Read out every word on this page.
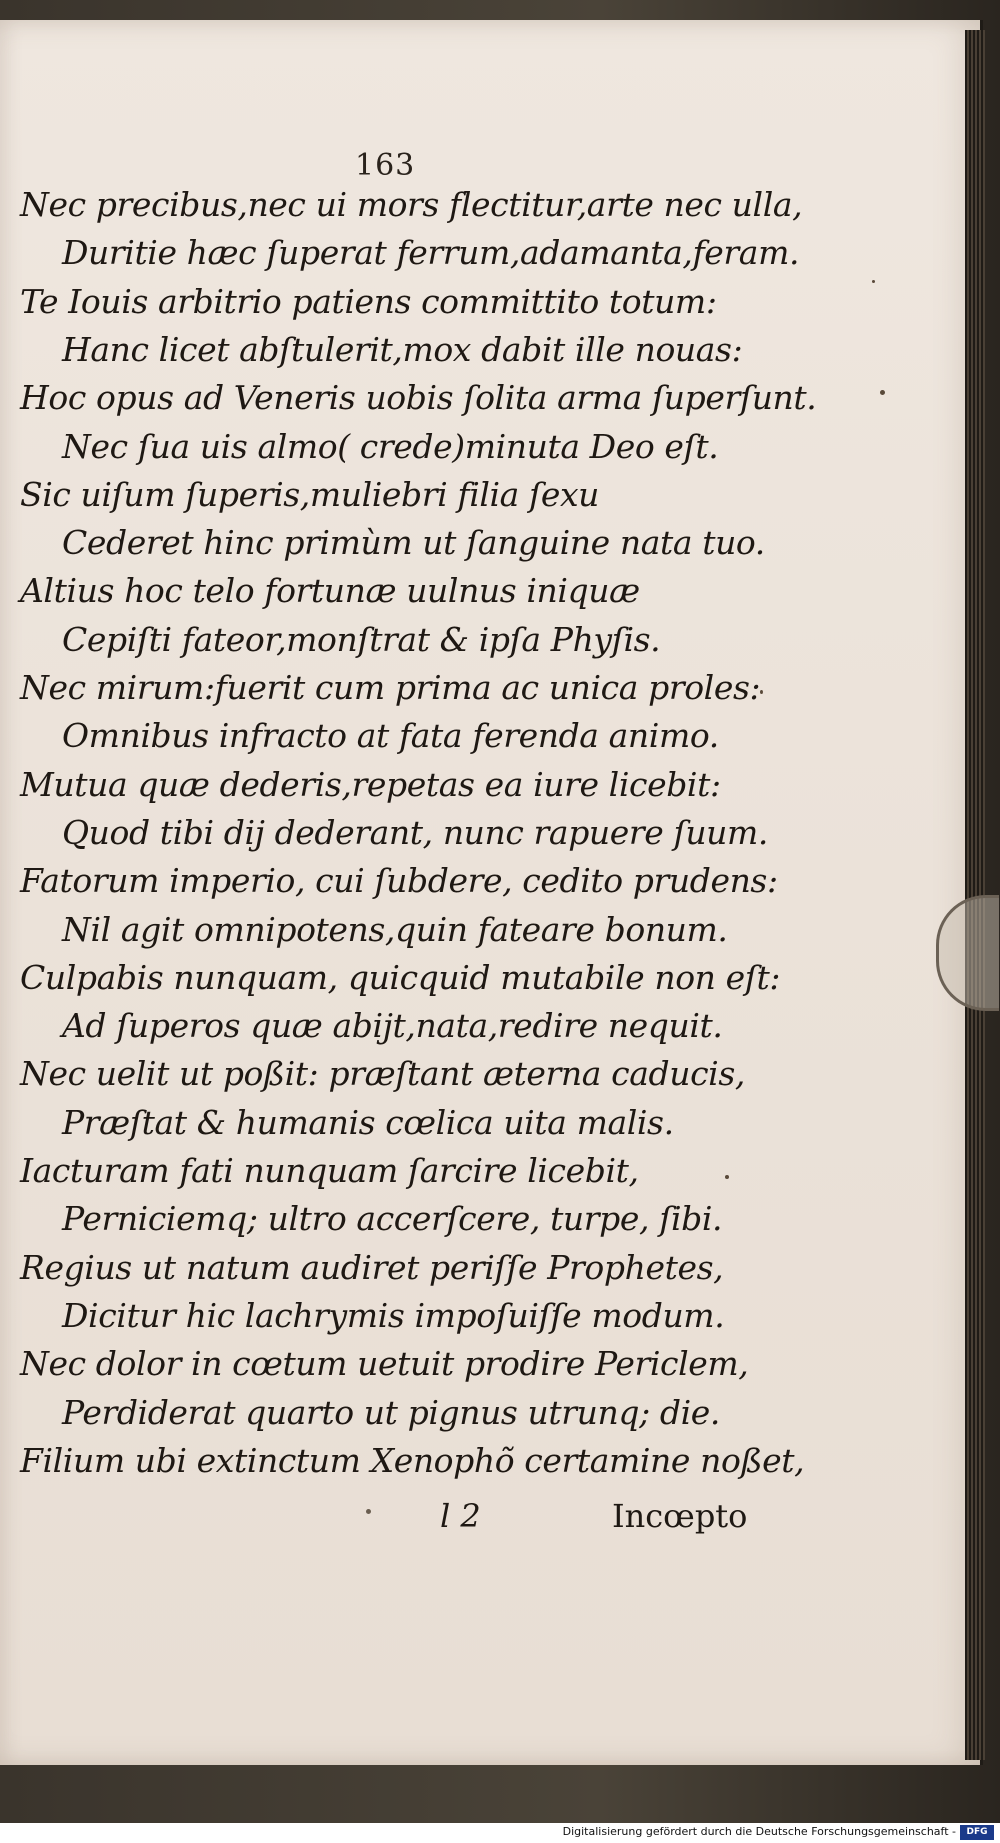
163
Nec precibus,nec ui mors flectitur,arte nec ulla,
Duritie hæc ſuperat ferrum,adamanta,feram.
Te Iouis arbitrio patiens committito totum:
Hanc licet abſtulerit,mox dabit ille nouas:
Hoc opus ad Veneris uobis ſolita arma ſuperſunt.
Nec ſua uis almo( crede)minuta Deo eſt.
Sic uiſum ſuperis,muliebri filia ſexu
Cederet hinc primùm ut ſanguine nata tuo.
Altius hoc telo fortunæ uulnus iniquæ
Cepiſti fateor,monſtrat & ipſa Phyſis.
Nec mirum:fuerit cum prima ac unica proles:
Omnibus infracto at fata ferenda animo.
Mutua quæ dederis,repetas ea iure licebit:
Quod tibi dij dederant, nunc rapuere ſuum.
Fatorum imperio, cui ſubdere, cedito prudens:
Nil agit omnipotens,quin fateare bonum.
Culpabis nunquam, quicquid mutabile non eſt:
Ad ſuperos quæ abijt,nata,redire nequit.
Nec uelit ut poßit: præſtant æterna caducis,
Præſtat & humanis cœlica uita malis.
Iacturam fati nunquam ſarcire licebit,
Perniciemq; ultro accerſcere, turpe, ſibi.
Regius ut natum audiret periſſe Prophetes,
Dicitur hic lachrymis impoſuiſſe modum.
Nec dolor in cœtum uetuit prodire Periclem,
Perdiderat quarto ut pignus utrunq; die.
Filium ubi extinctum Xenophõ certamine noßet,
l 2	Incœpto
Digitalisierung gefördert durch die Deutsche Forschungsgemeinschaft -	DFG
